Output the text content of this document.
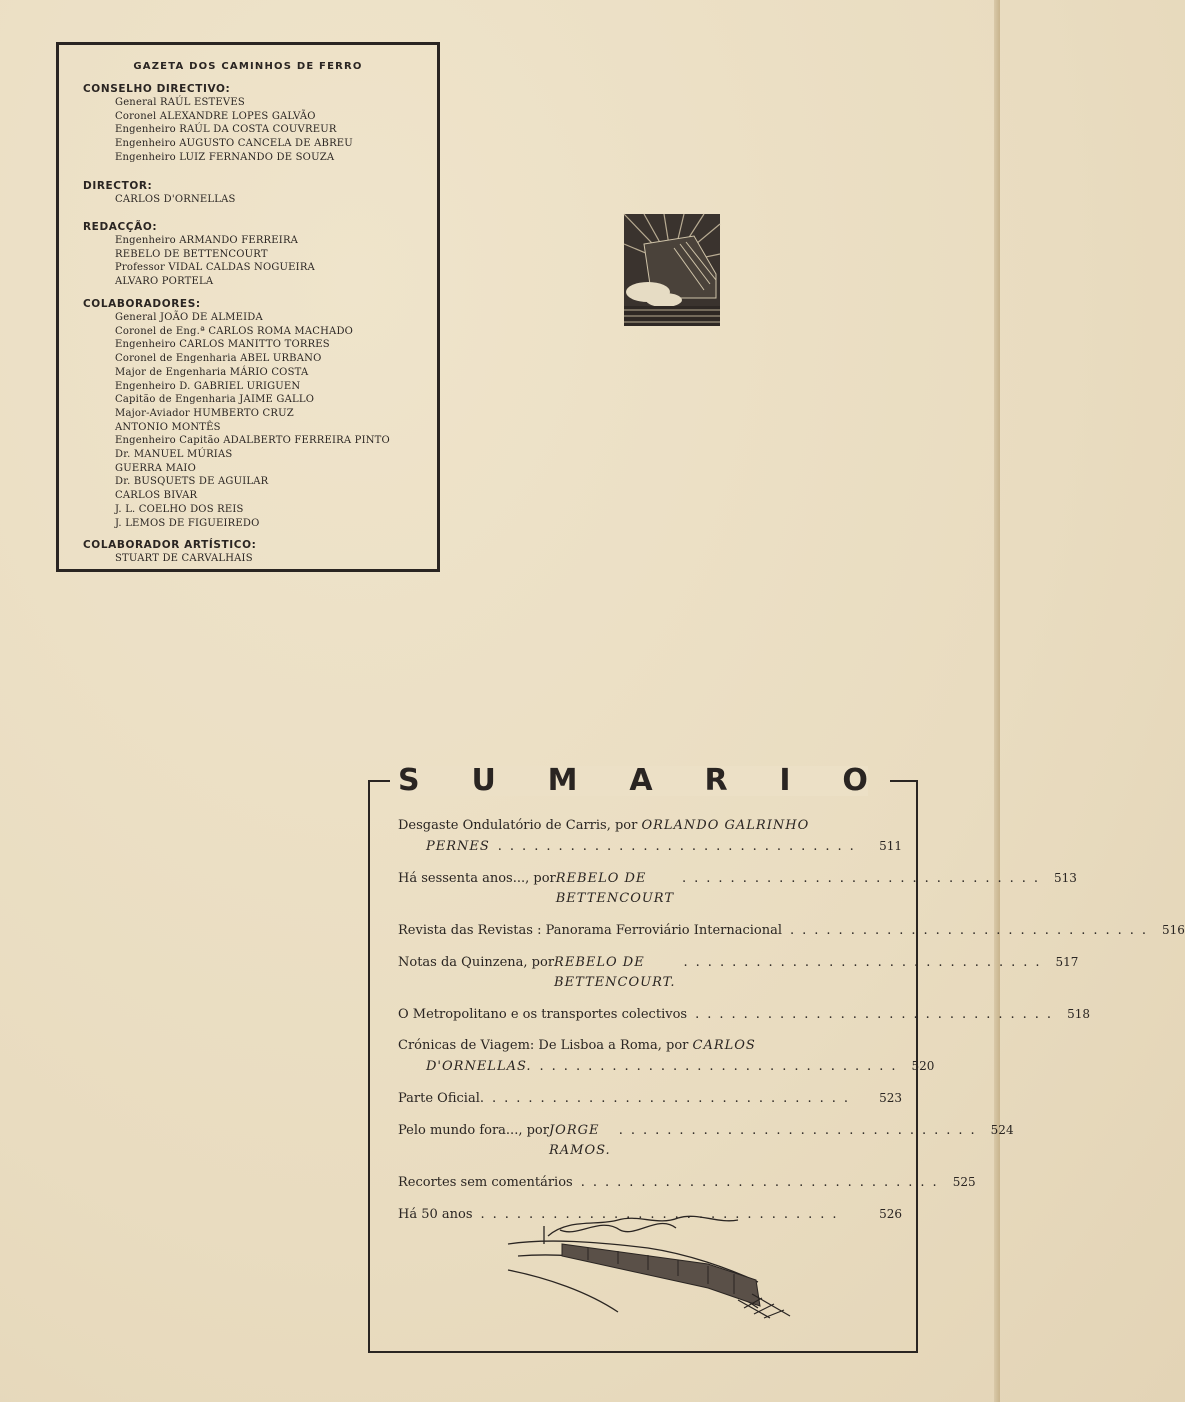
GAZETA DOS CAMINHOS DE FERRO
CONSELHO DIRECTIVO:
General RAÚL ESTEVES
Coronel ALEXANDRE LOPES GALVÃO
Engenheiro RAÚL DA COSTA COUVREUR
Engenheiro AUGUSTO CANCELA DE ABREU
Engenheiro LUIZ FERNANDO DE SOUZA
DIRECTOR:
CARLOS D'ORNELLAS
REDACÇÃO:
Engenheiro ARMANDO FERREIRA
REBELO DE BETTENCOURT
Professor VIDAL CALDAS NOGUEIRA
ALVARO PORTELA
COLABORADORES:
General JOÃO DE ALMEIDA
Coronel de Eng.ª CARLOS ROMA MACHADO
Engenheiro CARLOS MANITTO TORRES
Coronel de Engenharia ABEL URBANO
Major de Engenharia MÁRIO COSTA
Engenheiro D. GABRIEL URIGUEN
Capitão de Engenharia JAIME GALLO
Major-Aviador HUMBERTO CRUZ
ANTONIO MONTÊS
Engenheiro Capitão ADALBERTO FERREIRA PINTO
Dr. MANUEL MÚRIAS
GUERRA MAIO
Dr. BUSQUETS DE AGUILAR
CARLOS BIVAR
J. L. COELHO DOS REIS
J. LEMOS DE FIGUEIREDO
COLABORADOR ARTÍSTICO:
STUART DE CARVALHAIS
S U M A R I O
Desgaste Ondulatório de Carris, por ORLANDO GALRINHO
PERNES ..............................	511
Há sessenta anos..., por REBELO DE BETTENCOURT
.............................. 513
Revista das Revistas : Panorama Ferroviário Internacional .............................. 516
Notas da Quinzena, por REBELO DE BETTENCOURT.
.............................. 517
O Metropolitano e os transportes colectivos .............................. 518
Crónicas de Viagem: De Lisboa a Roma, por CARLOS
D'ORNELLAS. .............................. 520
Parte Oficial. ..............................	523
Pelo mundo fora..., por JORGE RAMOS.
.............................. 524
Recortes sem comentários .............................. 525
Há 50 anos ..............................	526
